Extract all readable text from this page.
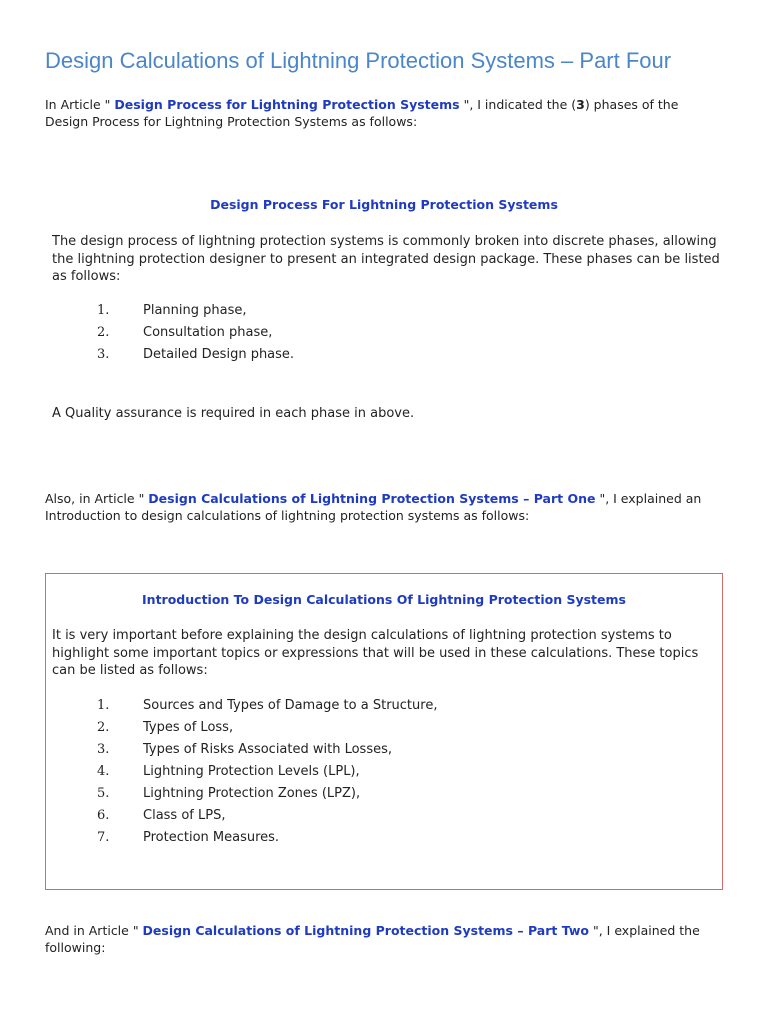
Design Calculations of Lightning Protection Systems – Part Four
In Article " Design Process for Lightning Protection Systems ", I indicated the (3) phases of the Design Process for Lightning Protection Systems as follows:
Design Process For Lightning Protection Systems
The design process of lightning protection systems is commonly broken into discrete phases, allowing the lightning protection designer to present an integrated design package. These phases can be listed as follows:
1.	Planning phase,
2.	Consultation phase,
3.	Detailed Design phase.
A Quality assurance is required in each phase in above.
Also, in Article " Design Calculations of Lightning Protection Systems – Part One ", I explained an Introduction to design calculations of lightning protection systems as follows:
Introduction To Design Calculations Of Lightning Protection Systems
It is very important before explaining the design calculations of lightning protection systems to highlight some important topics or expressions that will be used in these calculations. These topics can be listed as follows:
1.	Sources and Types of Damage to a Structure,
2.	Types of Loss,
3.	Types of Risks Associated with Losses,
4.	Lightning Protection Levels (LPL),
5.	Lightning Protection Zones (LPZ),
6.	Class of LPS,
7.	Protection Measures.
And in Article " Design Calculations of Lightning Protection Systems – Part Two ", I explained the following:
